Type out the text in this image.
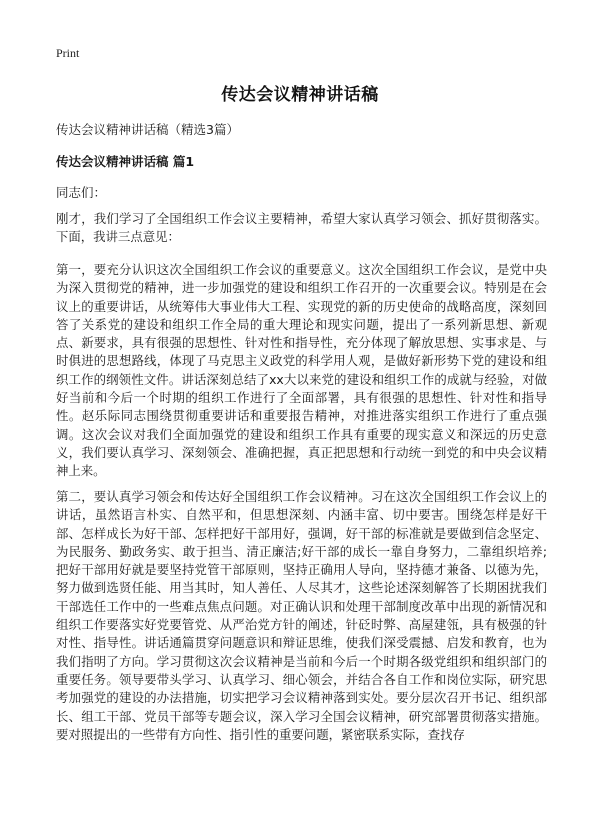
Print
传达会议精神讲话稿
传达会议精神讲话稿（精选3篇）
传达会议精神讲话稿 篇1
同志们：

刚才，我们学习了全国组织工作会议主要精神，希望大家认真学习领会、抓好贯彻落实。下面，我讲三点意见：

第一，要充分认识这次全国组织工作会议的重要意义。这次全国组织工作会议，是党中央为深入贯彻党的精神，进一步加强党的建设和组织工作召开的一次重要会议。特别是在会议上的重要讲话，从统筹伟大事业伟大工程、实现党的新的历史使命的战略高度，深刻回答了关系党的建设和组织工作全局的重大理论和现实问题，提出了一系列新思想、新观点、新要求，具有很强的思想性、针对性和指导性，充分体现了解放思想、实事求是、与时俱进的思想路线，体现了马克思主义政党的科学用人观，是做好新形势下党的建设和组织工作的纲领性文件。讲话深刻总结了xx大以来党的建设和组织工作的成就与经验，对做好当前和今后一个时期的组织工作进行了全面部署，具有很强的思想性、针对性和指导性。赵乐际同志围绕贯彻重要讲话和重要报告精神，对推进落实组织工作进行了重点强调。这次会议对我们全面加强党的建设和组织工作具有重要的现实意义和深远的历史意义，我们要认真学习、深刻领会、准确把握，真正把思想和行动统一到党的和中央会议精神上来。

第二，要认真学习领会和传达好全国组织工作会议精神。习在这次全国组织工作会议上的讲话，虽然语言朴实、自然平和，但思想深刻、内涵丰富、切中要害。围绕怎样是好干部、怎样成长为好干部、怎样把好干部用好，强调，好干部的标准就是要做到信念坚定、为民服务、勤政务实、敢于担当、清正廉洁;好干部的成长一靠自身努力，二靠组织培养;把好干部用好就是要坚持党管干部原则，坚持正确用人导向，坚持德才兼备、以德为先，努力做到选贤任能、用当其时，知人善任、人尽其才，这些论述深刻解答了长期困扰我们干部选任工作中的一些难点焦点问题。对正确认识和处理干部制度改革中出现的新情况和组织工作要落实好党要管党、从严治党方针的阐述，针砭时弊、高屋建瓴，具有极强的针对性、指导性。讲话通篇贯穿问题意识和辩证思维，使我们深受震撼、启发和教育，也为我们指明了方向。学习贯彻这次会议精神是当前和今后一个时期各级党组织和组织部门的重要任务。领导要带头学习、认真学习、细心领会，并结合各自工作和岗位实际，研究思考加强党的建设的办法措施，切实把学习会议精神落到实处。要分层次召开书记、组织部长、组工干部、党员干部等专题会议，深入学习全国会议精神，研究部署贯彻落实措施。要对照提出的一些带有方向性、指引性的重要问题，紧密联系实际，查找存
